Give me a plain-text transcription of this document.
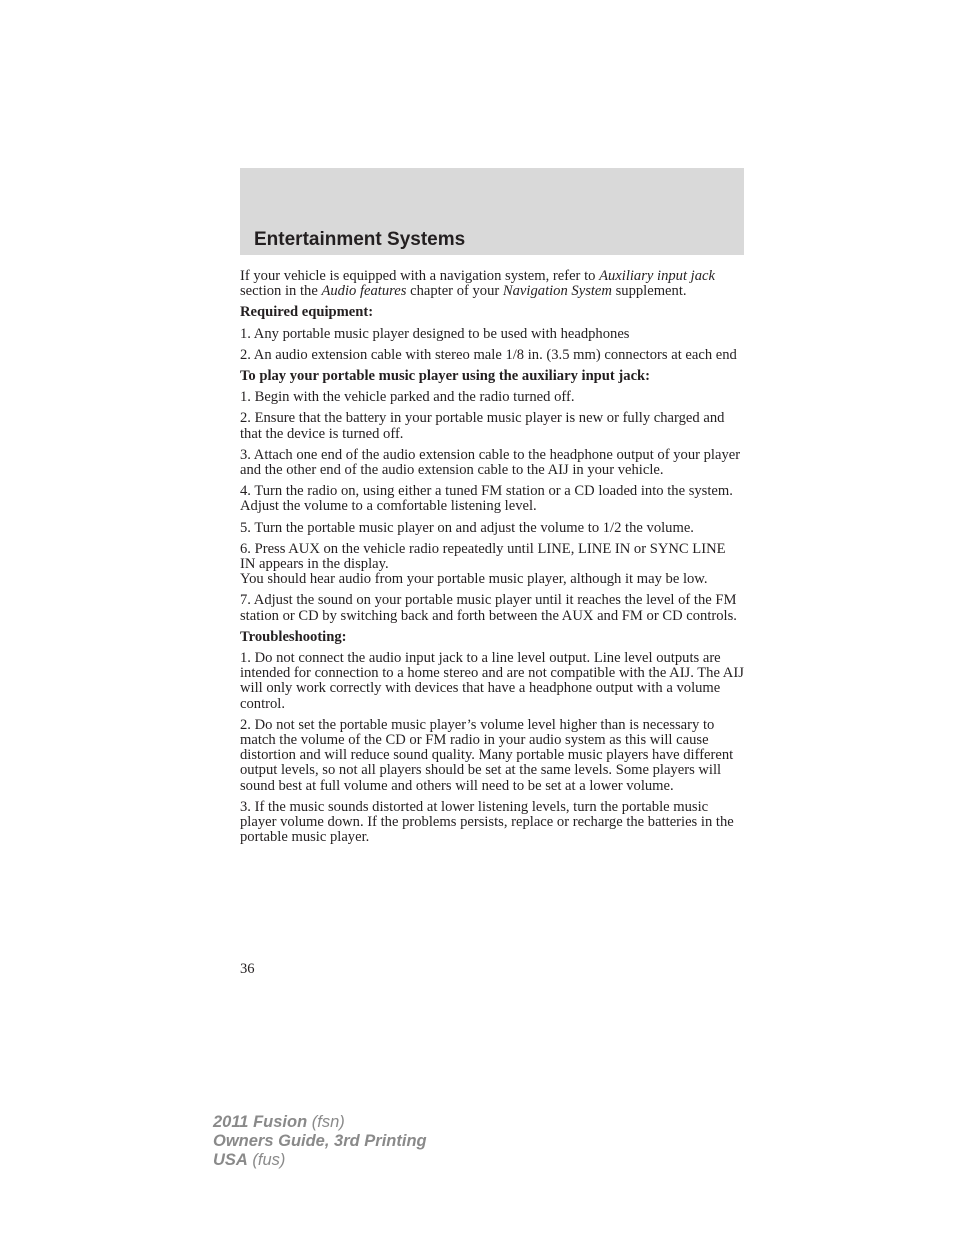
Entertainment Systems

If your vehicle is equipped with a navigation system, refer to Auxiliary input jack section in the Audio features chapter of your Navigation System supplement.

Required equipment:

1. Any portable music player designed to be used with headphones

2. An audio extension cable with stereo male 1/8 in. (3.5 mm) connectors at each end

To play your portable music player using the auxiliary input jack:

1. Begin with the vehicle parked and the radio turned off.

2. Ensure that the battery in your portable music player is new or fully charged and that the device is turned off.

3. Attach one end of the audio extension cable to the headphone output of your player and the other end of the audio extension cable to the AIJ in your vehicle.

4. Turn the radio on, using either a tuned FM station or a CD loaded into the system. Adjust the volume to a comfortable listening level.

5. Turn the portable music player on and adjust the volume to 1/2 the volume.

6. Press AUX on the vehicle radio repeatedly until LINE, LINE IN or SYNC LINE IN appears in the display.

You should hear audio from your portable music player, although it may be low.

7. Adjust the sound on your portable music player until it reaches the level of the FM station or CD by switching back and forth between the AUX and FM or CD controls.

Troubleshooting:

1. Do not connect the audio input jack to a line level output. Line level outputs are intended for connection to a home stereo and are not compatible with the AIJ. The AIJ will only work correctly with devices that have a headphone output with a volume control.

2. Do not set the portable music player’s volume level higher than is necessary to match the volume of the CD or FM radio in your audio system as this will cause distortion and will reduce sound quality. Many portable music players have different output levels, so not all players should be set at the same levels. Some players will sound best at full volume and others will need to be set at a lower volume.

3. If the music sounds distorted at lower listening levels, turn the portable music player volume down. If the problems persists, replace or recharge the batteries in the portable music player.

36
2011 Fusion (fsn)
Owners Guide, 3rd Printing
USA (fus)
